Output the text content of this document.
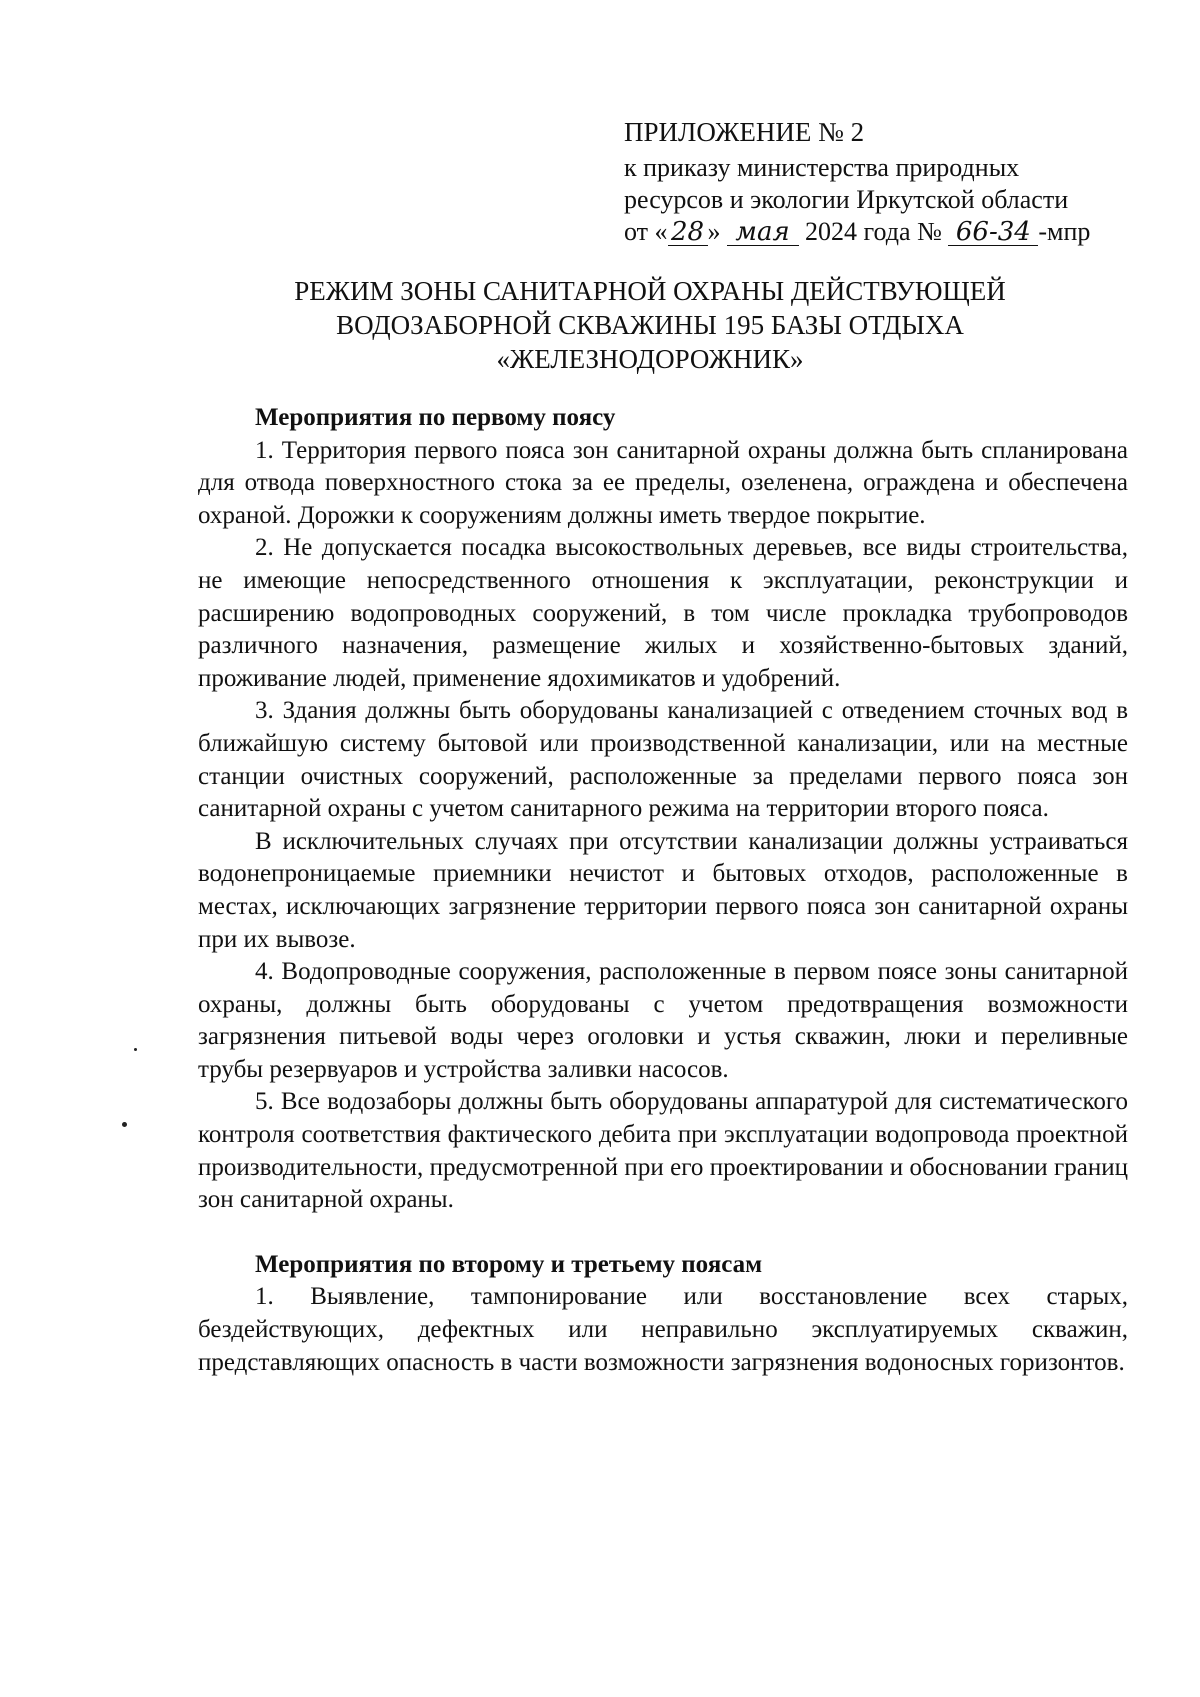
ПРИЛОЖЕНИЕ № 2
к приказу министерства природных
ресурсов и экологии Иркутской области
от « 28 » мая 2024 года № 66-34 -мпр
РЕЖИМ ЗОНЫ САНИТАРНОЙ ОХРАНЫ ДЕЙСТВУЮЩЕЙ
ВОДОЗАБОРНОЙ СКВАЖИНЫ 195 БАЗЫ ОТДЫХА
«ЖЕЛЕЗНОДОРОЖНИК»

Мероприятия по первому поясу

1. Территория первого пояса зон санитарной охраны должна быть спланирована для отвода поверхностного стока за ее пределы, озеленена, ограждена и обеспечена охраной. Дорожки к сооружениям должны иметь твердое покрытие.

2. Не допускается посадка высокоствольных деревьев, все виды строительства, не имеющие непосредственного отношения к эксплуатации, реконструкции и расширению водопроводных сооружений, в том числе прокладка трубопроводов различного назначения, размещение жилых и хозяйственно-бытовых зданий, проживание людей, применение ядохимикатов и удобрений.

3. Здания должны быть оборудованы канализацией с отведением сточных вод в ближайшую систему бытовой или производственной канализации, или на местные станции очистных сооружений, расположенные за пределами первого пояса зон санитарной охраны с учетом санитарного режима на территории второго пояса.

В исключительных случаях при отсутствии канализации должны устраиваться водонепроницаемые приемники нечистот и бытовых отходов, расположенные в местах, исключающих загрязнение территории первого пояса зон санитарной охраны при их вывозе.

4. Водопроводные сооружения, расположенные в первом поясе зоны санитарной охраны, должны быть оборудованы с учетом предотвращения возможности загрязнения питьевой воды через оголовки и устья скважин, люки и переливные трубы резервуаров и устройства заливки насосов.

5. Все водозаборы должны быть оборудованы аппаратурой для систематического контроля соответствия фактического дебита при эксплуатации водопровода проектной производительности, предусмотренной при его проектировании и обосновании границ зон санитарной охраны.

Мероприятия по второму и третьему поясам

1. Выявление, тампонирование или восстановление всех старых, бездействующих, дефектных или неправильно эксплуатируемых скважин, представляющих опасность в части возможности загрязнения водоносных горизонтов.
